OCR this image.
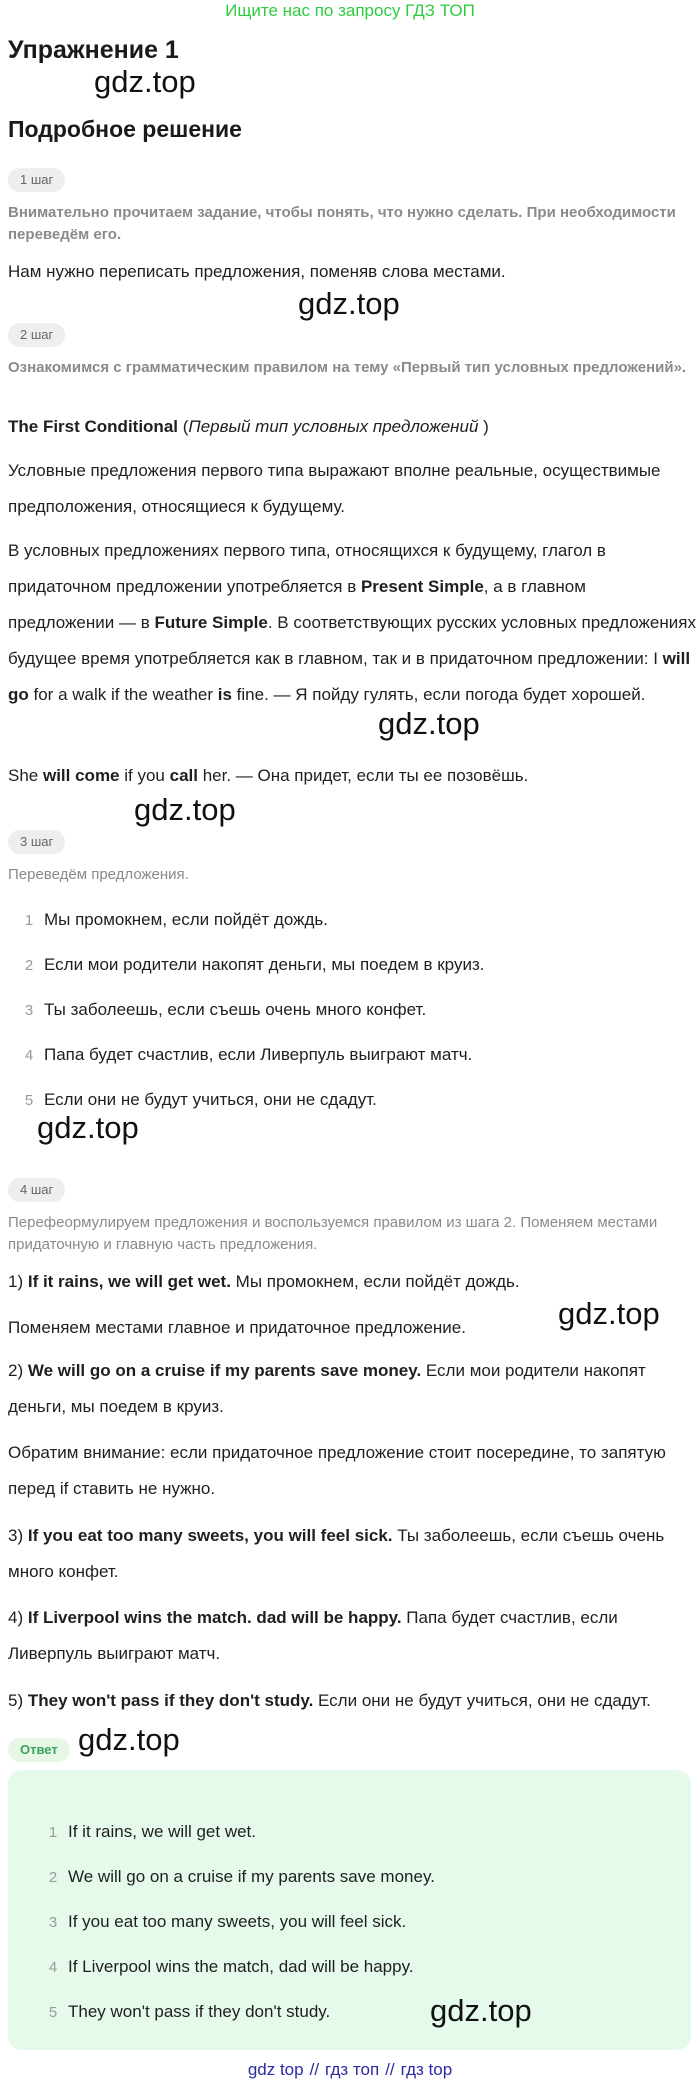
Ищите нас по запросу ГДЗ ТОП
Упражнение 1
gdz.top
Подробное решение
1 шаг
Внимательно прочитаем задание, чтобы понять, что нужно сделать. При необходимости переведём его.
Нам нужно переписать предложения, поменяв слова местами.
gdz.top
2 шаг
Ознакомимся с грамматическим правилом на тему «Первый тип условных предложений».
The First Conditional (Первый тип условных предложений )
Условные предложения первого типа выражают вполне реальные, осуществимые предположения, относящиеся к будущему.
В условных предложениях первого типа, относящихся к будущему, глагол в придаточном предложении употребляется в Present Simple, а в главном предложении — в Future Simple. В соответствующих русских условных предложениях будущее время употребляется как в главном, так и в придаточном предложении: I will go for a walk if the weather is fine. — Я пойду гулять, если погода будет хорошей.
gdz.top
She will come if you call her. — Она придет, если ты ее позовёшь.
gdz.top
3 шаг
Переведём предложения.
1 Мы промокнем, если пойдёт дождь.
2 Если мои родители накопят деньги, мы поедем в круиз.
3 Ты заболеешь, если съешь очень много конфет.
4 Папа будет счастлив, если Ливерпуль выиграют матч.
5 Если они не будут учиться, они не сдадут.
gdz.top
4 шаг
Перефеормулируем предложения и воспользуемся правилом из шага 2. Поменяем местами придаточную и главную часть предложения.
1) If it rains, we will get wet. Мы промокнем, если пойдёт дождь.
Поменяем местами главное и придаточное предложение.	gdz.top
2) We will go on a cruise if my parents save money. Если мои родители накопят деньги, мы поедем в круиз.
Обратим внимание: если придаточное предложение стоит посередине, то запятую перед if ставить не нужно.
3) If you eat too many sweets, you will feel sick. Ты заболеешь, если съешь очень много конфет.
4) If Liverpool wins the match. dad will be happy. Папа будет счастлив, если Ливерпуль выиграют матч.
5) They won't pass if they don't study. Если они не будут учиться, они не сдадут.
Ответ gdz.top
1 If it rains, we will get wet.
2 We will go on a cruise if my parents save money.
3 If you eat too many sweets, you will feel sick.
4 If Liverpool wins the match, dad will be happy.
5 They won't pass if they don't study.	gdz.top
gdz top // гдз топ // гдз top
